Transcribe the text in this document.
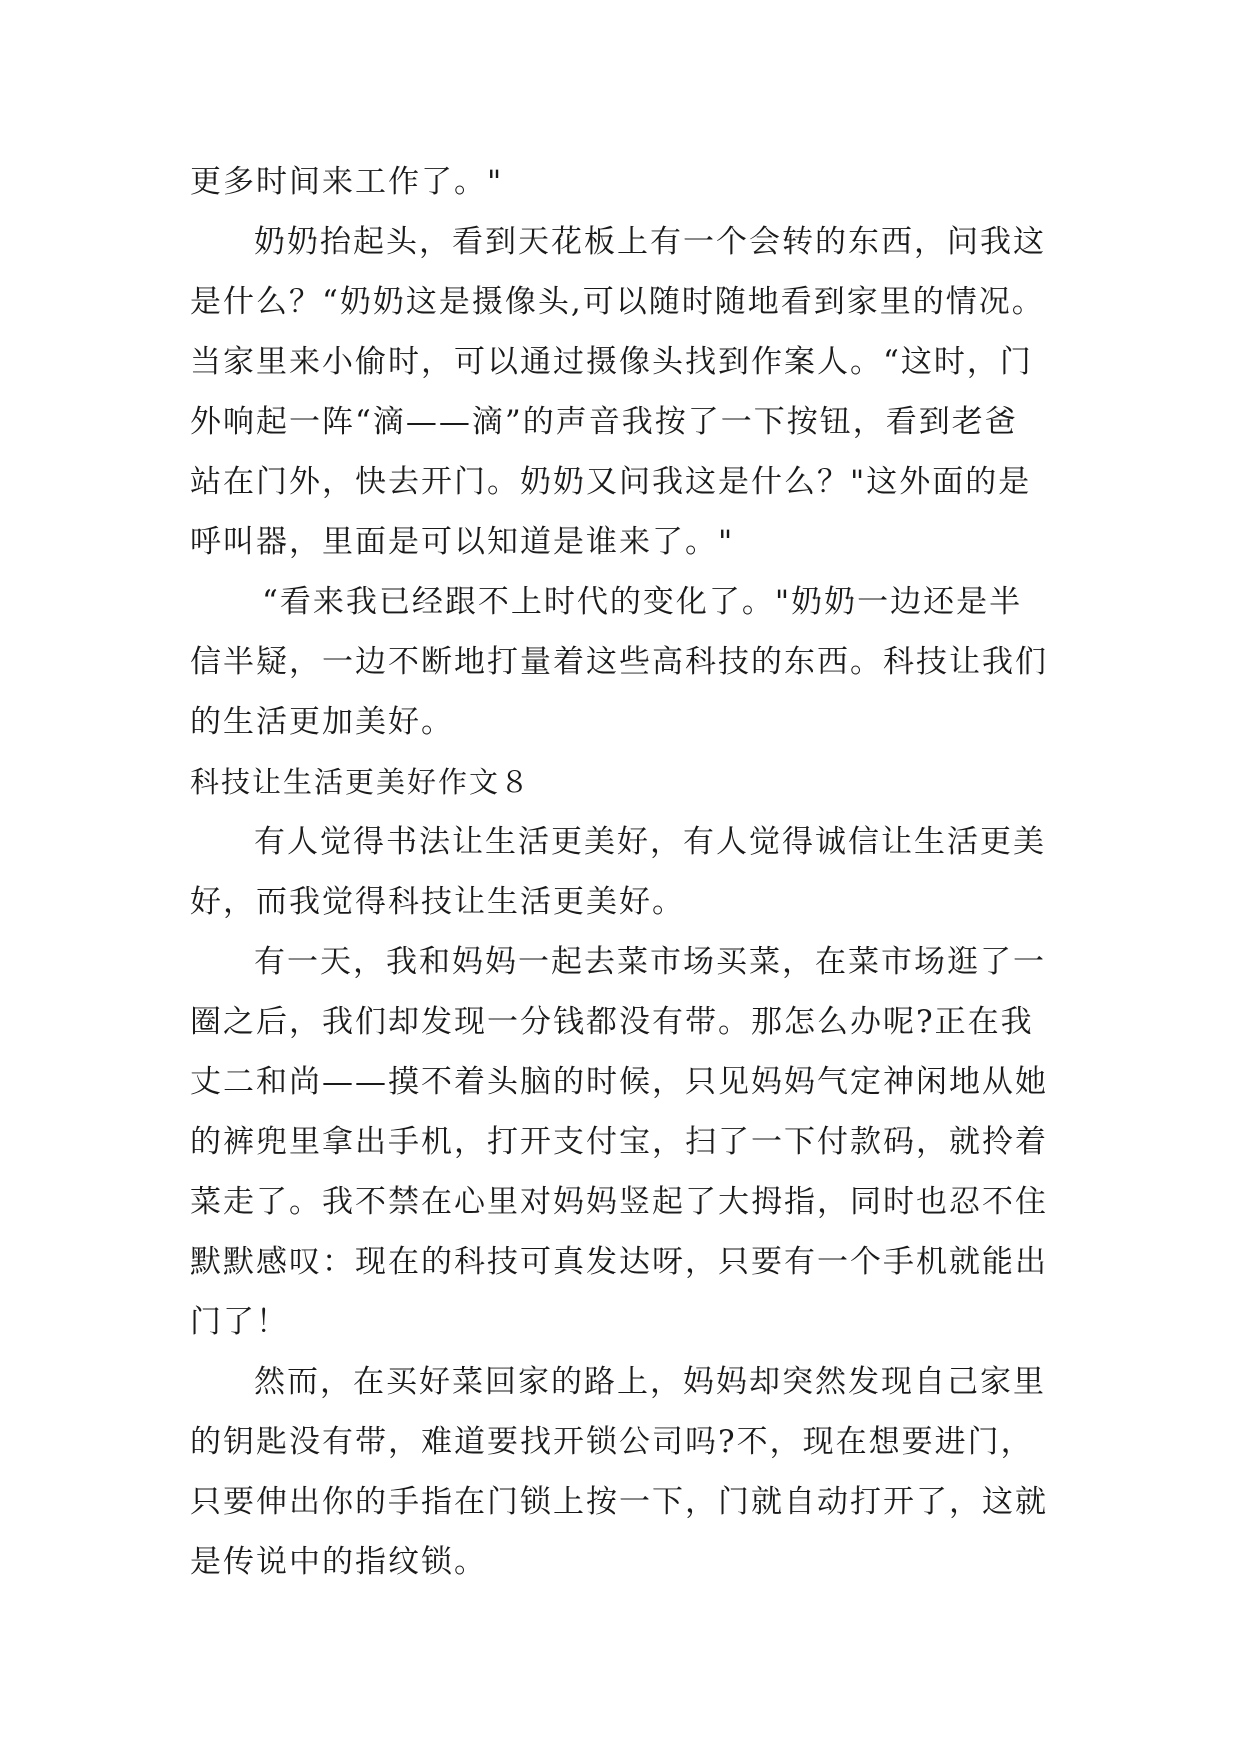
更多时间来工作了。"
奶奶抬起头，看到天花板上有一个会转的东西，问我这
是什么？“奶奶这是摄像头,可以随时随地看到家里的情况。
当家里来小偷时，可以通过摄像头找到作案人。“这时，门
外响起一阵“滴——滴”的声音我按了一下按钮，看到老爸
站在门外，快去开门。奶奶又问我这是什么？"这外面的是
呼叫器，里面是可以知道是谁来了。"
“看来我已经跟不上时代的变化了。"奶奶一边还是半
信半疑，一边不断地打量着这些高科技的东西。科技让我们
的生活更加美好。
科技让生活更美好作文８
有人觉得书法让生活更美好，有人觉得诚信让生活更美
好，而我觉得科技让生活更美好。
有一天，我和妈妈一起去菜市场买菜，在菜市场逛了一
圈之后，我们却发现一分钱都没有带。那怎么办呢?正在我
丈二和尚——摸不着头脑的时候，只见妈妈气定神闲地从她
的裤兜里拿出手机，打开支付宝，扫了一下付款码，就拎着
菜走了。我不禁在心里对妈妈竖起了大拇指，同时也忍不住
默默感叹：现在的科技可真发达呀，只要有一个手机就能出
门了！
然而，在买好菜回家的路上，妈妈却突然发现自己家里
的钥匙没有带，难道要找开锁公司吗?不，现在想要进门，
只要伸出你的手指在门锁上按一下，门就自动打开了，这就
是传说中的指纹锁。
